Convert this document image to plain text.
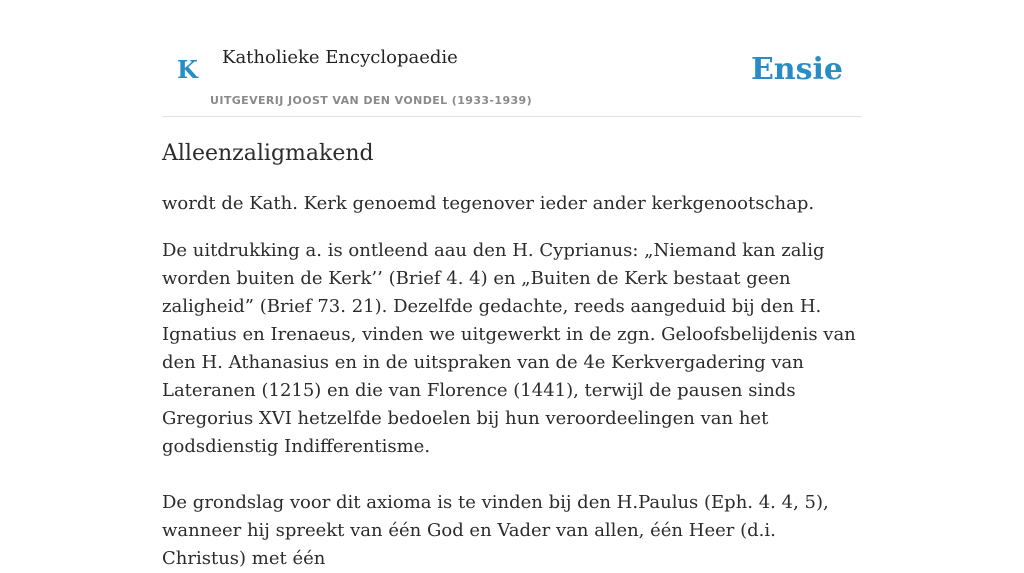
K Katholieke Encyclopaedie
UITGEVERIJ JOOST VAN DEN VONDEL (1933-1939)
Ensie
Alleenzaligmakend

wordt de Kath. Kerk genoemd tegenover ieder ander kerkgenootschap.

De uitdrukking a. is ontleend aau den H. Cyprianus: „Niemand kan zalig worden buiten de Kerk’’ (Brief 4. 4) en „Buiten de Kerk bestaat geen zaligheid” (Brief 73. 21). Dezelfde gedachte, reeds aangeduid bij den H. Ignatius en Irenaeus, vinden we uitgewerkt in de zgn. Geloofsbelijdenis van den H. Athanasius en in de uitspraken van de 4e Kerkvergadering van Lateranen (1215) en die van Florence (1441), terwijl de pausen sinds Gregorius XVI hetzelfde bedoelen bij hun veroordeelingen van het godsdienstig Indifferentisme.

De grondslag voor dit axioma is te vinden bij den H.Paulus (Eph. 4. 4, 5), wanneer hij spreekt van één God en Vader van allen, één Heer (d.i. Christus) met één
